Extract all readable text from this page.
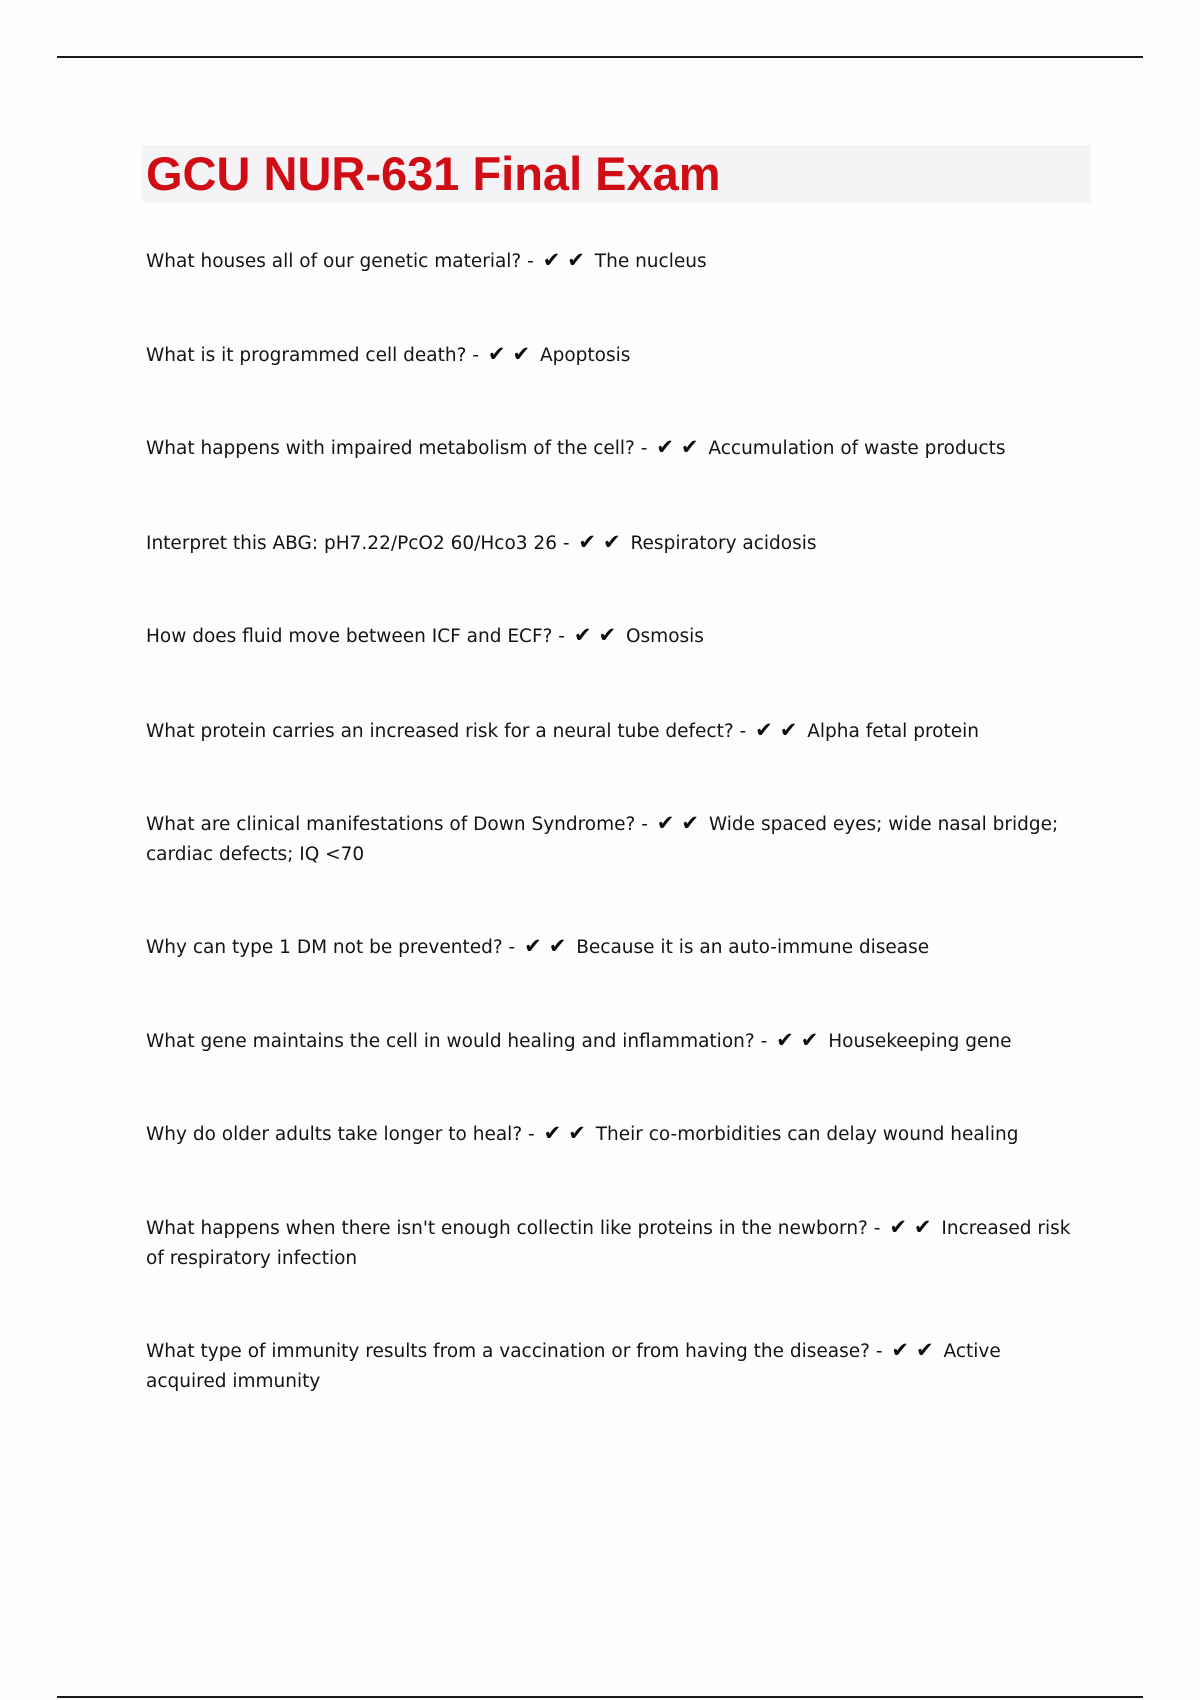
GCU NUR-631 Final Exam

What houses all of our genetic material? - ✔ ✔ The nucleus

What is it programmed cell death? - ✔ ✔ Apoptosis

What happens with impaired metabolism of the cell? - ✔ ✔ Accumulation of waste products

Interpret this ABG: pH7.22/PcO2 60/Hco3 26 - ✔ ✔ Respiratory acidosis

How does fluid move between ICF and ECF? - ✔ ✔ Osmosis

What protein carries an increased risk for a neural tube defect? - ✔ ✔ Alpha fetal protein

What are clinical manifestations of Down Syndrome? - ✔ ✔ Wide spaced eyes; wide nasal bridge; cardiac defects; IQ <70

Why can type 1 DM not be prevented? - ✔ ✔ Because it is an auto-immune disease

What gene maintains the cell in would healing and inflammation? - ✔ ✔ Housekeeping gene

Why do older adults take longer to heal? - ✔ ✔ Their co-morbidities can delay wound healing

What happens when there isn't enough collectin like proteins in the newborn? - ✔ ✔ Increased risk of respiratory infection

What type of immunity results from a vaccination or from having the disease? - ✔ ✔ Active acquired immunity
